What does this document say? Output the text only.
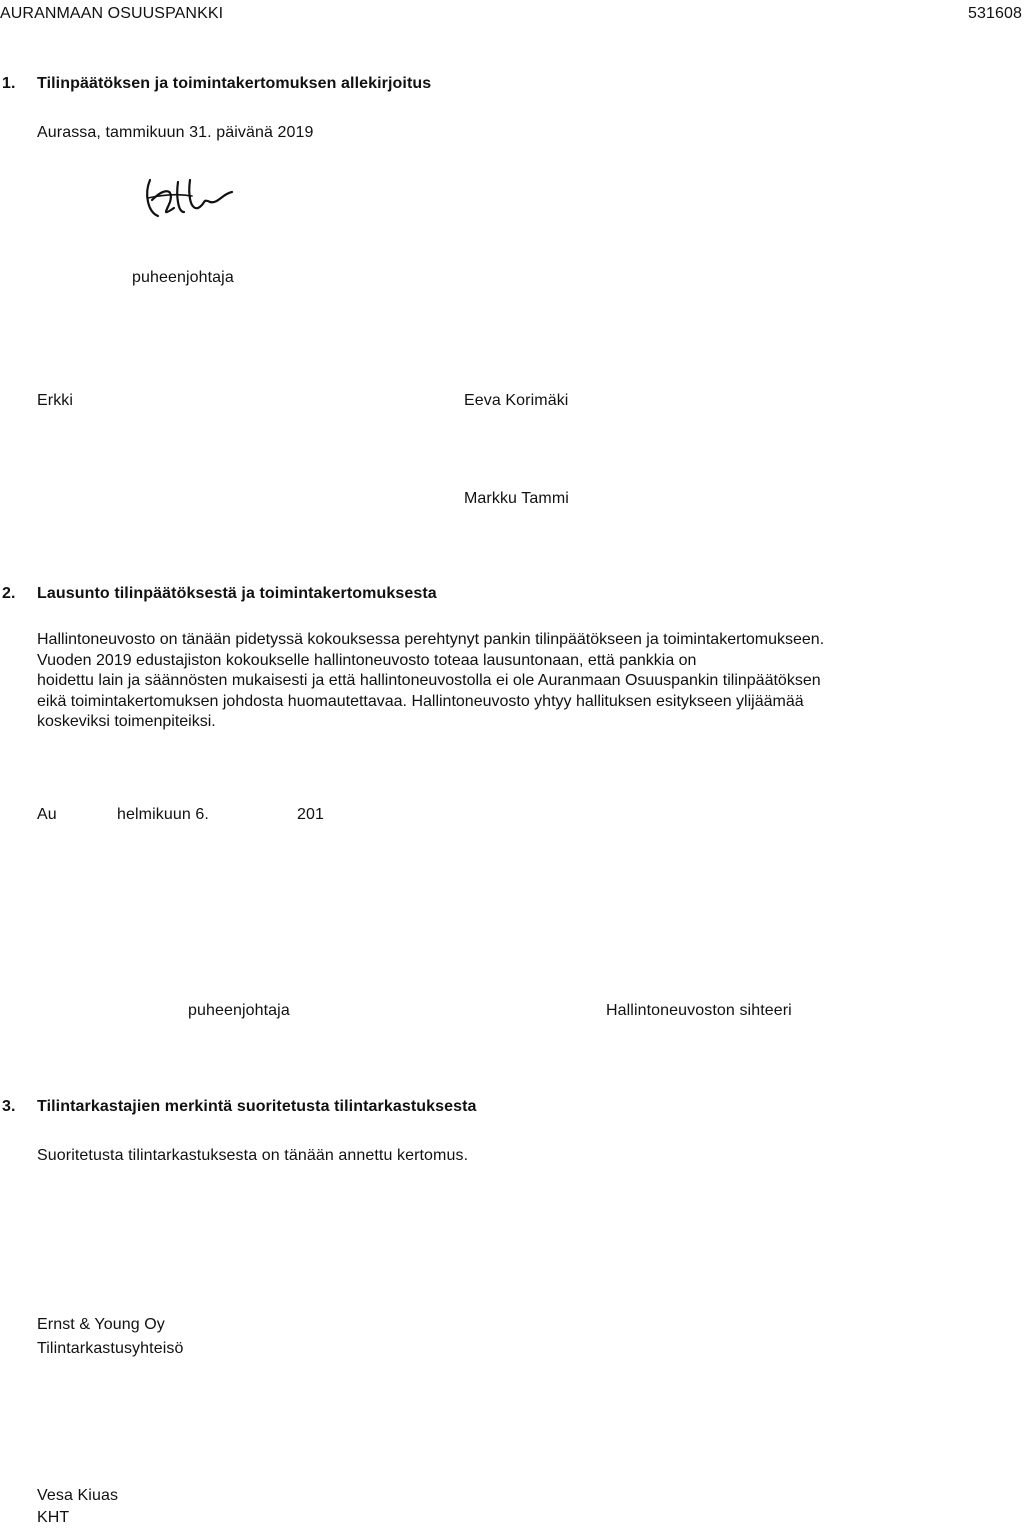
AURANMAAN OSUUSPANKKI	531608
1. Tilinpäätöksen ja toimintakertomuksen allekirjoitus
Aurassa, tammikuun 31. päivänä 2019
puheenjohtaja
Erkki	Eeva Korimäki
Markku Tammi
2. Lausunto tilinpäätöksestä ja toimintakertomuksesta
Hallintoneuvosto on tänään pidetyssä kokouksessa perehtynyt pankin tilinpäätökseen ja toimintakertomukseen.
Vuoden 2019 edustajiston kokoukselle hallintoneuvosto toteaa lausuntonaan, että pankkia on
hoidettu lain ja säännösten mukaisesti ja että hallintoneuvostolla ei ole Auranmaan Osuuspankin tilinpäätöksen
eikä toimintakertomuksen johdosta huomautettavaa. Hallintoneuvosto yhtyy hallituksen esitykseen ylijäämää
koskeviksi toimenpiteiksi.
Au	helmikuun 6.	201
puheenjohtaja	Hallintoneuvoston sihteeri
3. Tilintarkastajien merkintä suoritetusta tilintarkastuksesta
Suoritetusta tilintarkastuksesta on tänään annettu kertomus.
Ernst & Young Oy
Tilintarkastusyhteisö
Vesa Kiuas
KHT
